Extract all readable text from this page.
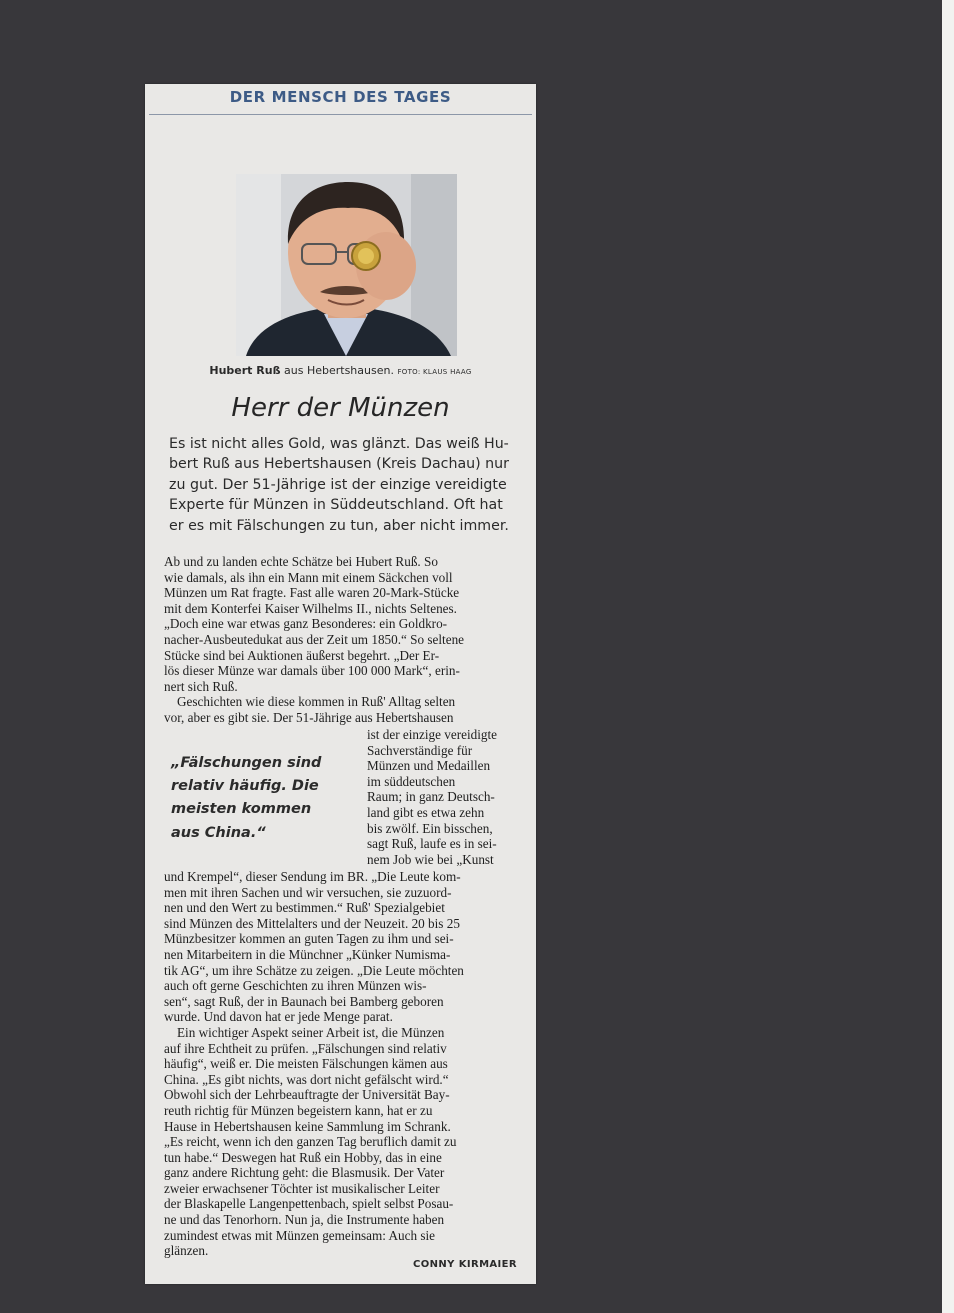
DER MENSCH DES TAGES
Hubert Ruß aus Hebertshausen. FOTO: KLAUS HAAG
Herr der Münzen
Es ist nicht alles Gold, was glänzt. Das weiß Hu-
bert Ruß aus Hebertshausen (Kreis Dachau) nur
zu gut. Der 51-Jährige ist der einzige vereidigte
Experte für Münzen in Süddeutschland. Oft hat
er es mit Fälschungen zu tun, aber nicht immer.
Ab und zu landen echte Schätze bei Hubert Ruß. So
wie damals, als ihn ein Mann mit einem Säckchen voll
Münzen um Rat fragte. Fast alle waren 20-Mark-Stücke
mit dem Konterfei Kaiser Wilhelms II., nichts Seltenes.
„Doch eine war etwas ganz Besonderes: ein Goldkro-
nacher-Ausbeutedukat aus der Zeit um 1850.“ So seltene
Stücke sind bei Auktionen äußerst begehrt. „Der Er-
lös dieser Münze war damals über 100 000 Mark“, erin-
nert sich Ruß.
Geschichten wie diese kommen in Ruß' Alltag selten
vor, aber es gibt sie. Der 51-Jährige aus Hebertshausen
ist der einzige vereidigte
Sachverständige für
Münzen und Medaillen
im süddeutschen
Raum; in ganz Deutsch-
land gibt es etwa zehn
bis zwölf. Ein bisschen,
sagt Ruß, laufe es in sei-
nem Job wie bei „Kunst
„Fälschungen sind
relativ häufig. Die
meisten kommen
aus China.“
und Krempel“, dieser Sendung im BR. „Die Leute kom-
men mit ihren Sachen und wir versuchen, sie zuzuord-
nen und den Wert zu bestimmen.“ Ruß' Spezialgebiet
sind Münzen des Mittelalters und der Neuzeit. 20 bis 25
Münzbesitzer kommen an guten Tagen zu ihm und sei-
nen Mitarbeitern in die Münchner „Künker Numisma-
tik AG“, um ihre Schätze zu zeigen. „Die Leute möchten
auch oft gerne Geschichten zu ihren Münzen wis-
sen“, sagt Ruß, der in Baunach bei Bamberg geboren
wurde. Und davon hat er jede Menge parat.
Ein wichtiger Aspekt seiner Arbeit ist, die Münzen
auf ihre Echtheit zu prüfen. „Fälschungen sind relativ
häufig“, weiß er. Die meisten Fälschungen kämen aus
China. „Es gibt nichts, was dort nicht gefälscht wird.“
Obwohl sich der Lehrbeauftragte der Universität Bay-
reuth richtig für Münzen begeistern kann, hat er zu
Hause in Hebertshausen keine Sammlung im Schrank.
„Es reicht, wenn ich den ganzen Tag beruflich damit zu
tun habe.“ Deswegen hat Ruß ein Hobby, das in eine
ganz andere Richtung geht: die Blasmusik. Der Vater
zweier erwachsener Töchter ist musikalischer Leiter
der Blaskapelle Langenpettenbach, spielt selbst Posau-
ne und das Tenorhorn. Nun ja, die Instrumente haben
zumindest etwas mit Münzen gemeinsam: Auch sie
glänzen.
CONNY KIRMAIER
